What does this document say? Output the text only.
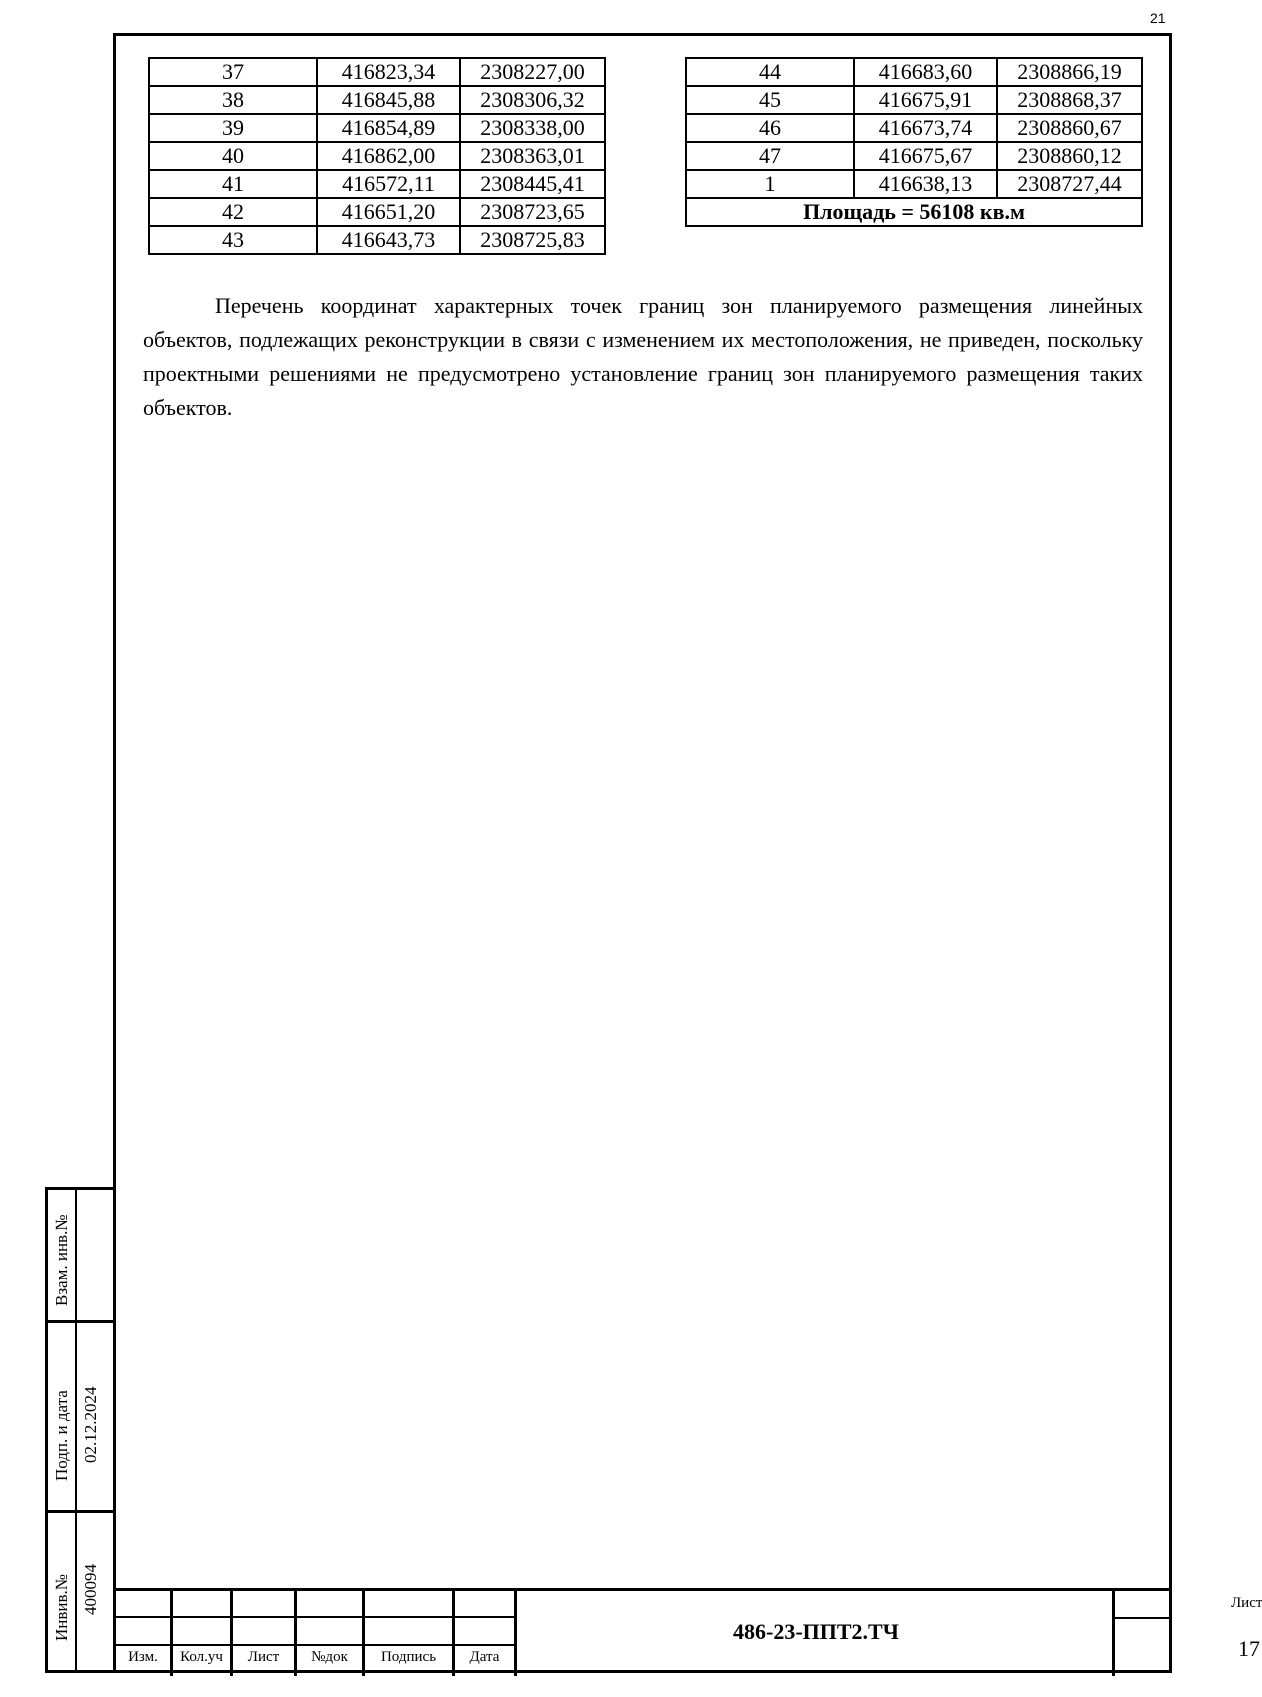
21
37	416823,34	2308227,00
38	416845,88	2308306,32
39	416854,89	2308338,00
40	416862,00	2308363,01
41	416572,11	2308445,41
42	416651,20	2308723,65
43	416643,73	2308725,83
44	416683,60	2308866,19
45	416675,91	2308868,37
46	416673,74	2308860,67
47	416675,67	2308860,12
1	416638,13	2308727,44
Площадь = 56108 кв.м		
Перечень координат характерных точек границ зон планируемого размещения линейных объектов, подлежащих реконструкции в связи с изменением их местоположения, не приведен, поскольку проектными решениями не предусмотрено установление границ зон планируемого размещения таких объектов.
Взам. инв.№
Подп. и дата 02.12.2024
Инвив.№ 400094
Изм.	Кол.уч	Лист	№док	Подпись	Дата
486-23-ППТ2.ТЧ
Лист
17
